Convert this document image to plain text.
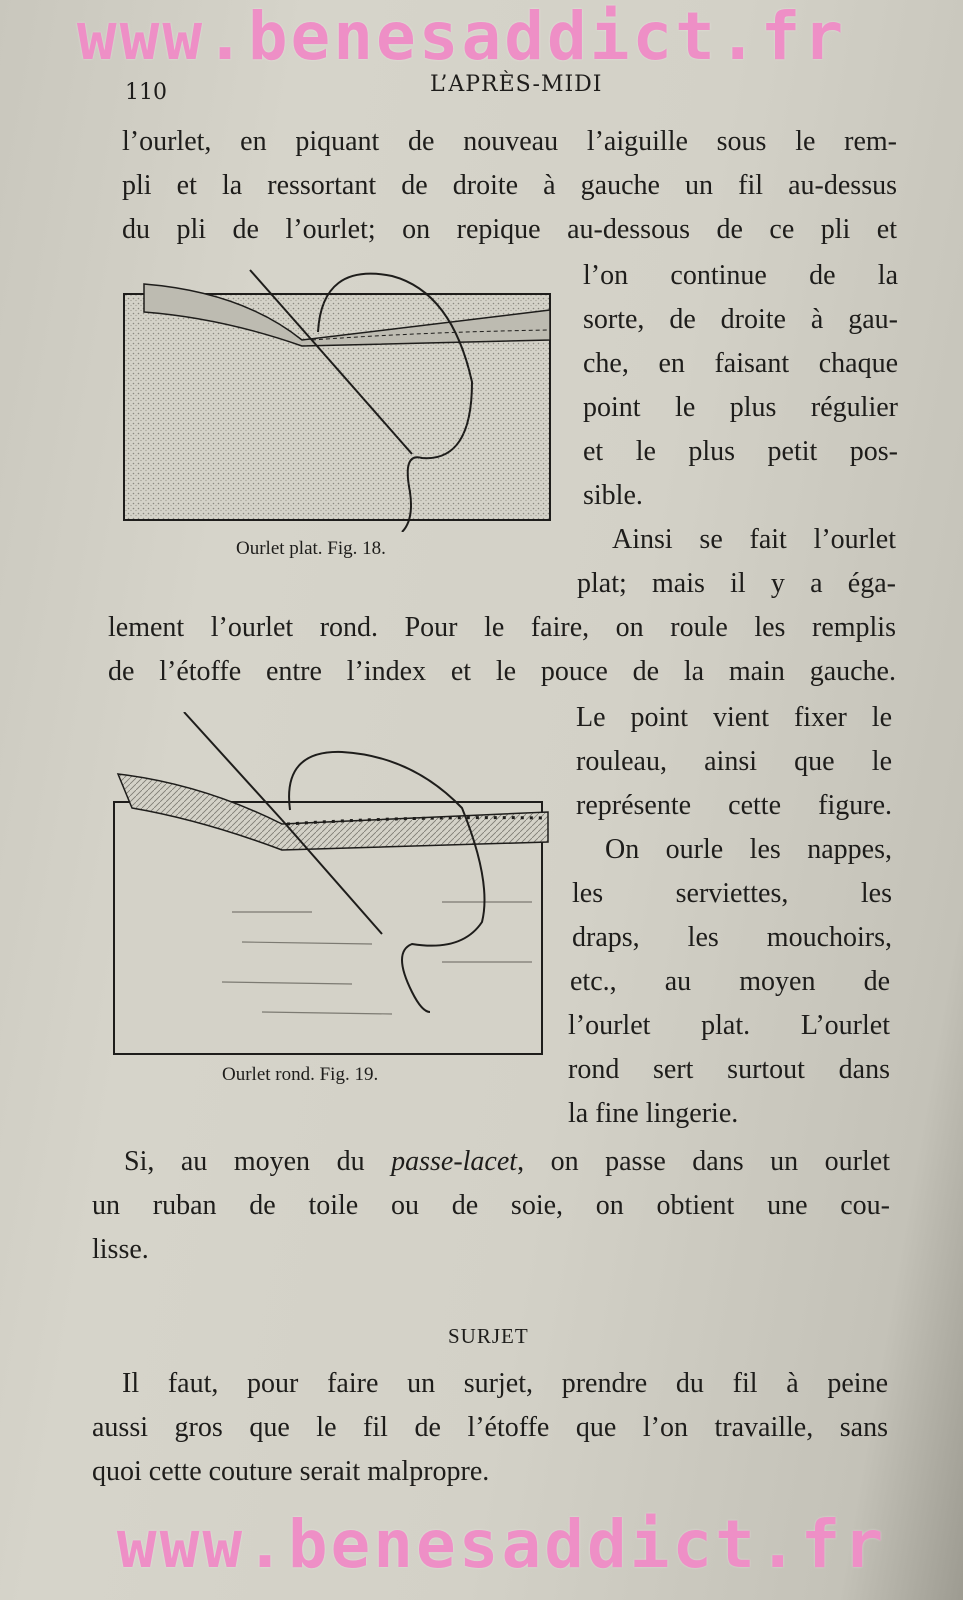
www.benesaddict.fr
110	L’APRÈS-MIDI
l’ourlet, en piquant de nouveau l’aiguille sous le rem-
pli et la ressortant de droite à gauche un fil au-dessus
du pli de l’ourlet; on repique au-dessous de ce pli et
l’on continue de la
sorte, de droite à gau-
che, en faisant chaque
point le plus régulier
et le plus petit pos-
sible.
Ourlet plat. Fig. 18.	Ainsi se fait l’ourlet
plat; mais il y a éga-
lement l’ourlet rond. Pour le faire, on roule les remplis
de l’étoffe entre l’index et le pouce de la main gauche.
Le point vient fixer le
rouleau, ainsi que le
représente cette figure.
On ourle les nappes,
les serviettes, les
draps, les mouchoirs,
etc., au moyen de
l’ourlet plat. L’ourlet
rond sert surtout dans
la fine lingerie.
Ourlet rond. Fig. 19.
Si, au moyen du passe-lacet, on passe dans un ourlet
un ruban de toile ou de soie, on obtient une cou-
lisse.
SURJET
Il faut, pour faire un surjet, prendre du fil à peine
aussi gros que le fil de l’étoffe que l’on travaille, sans
quoi cette couture serait malpropre.
www.benesaddict.fr
